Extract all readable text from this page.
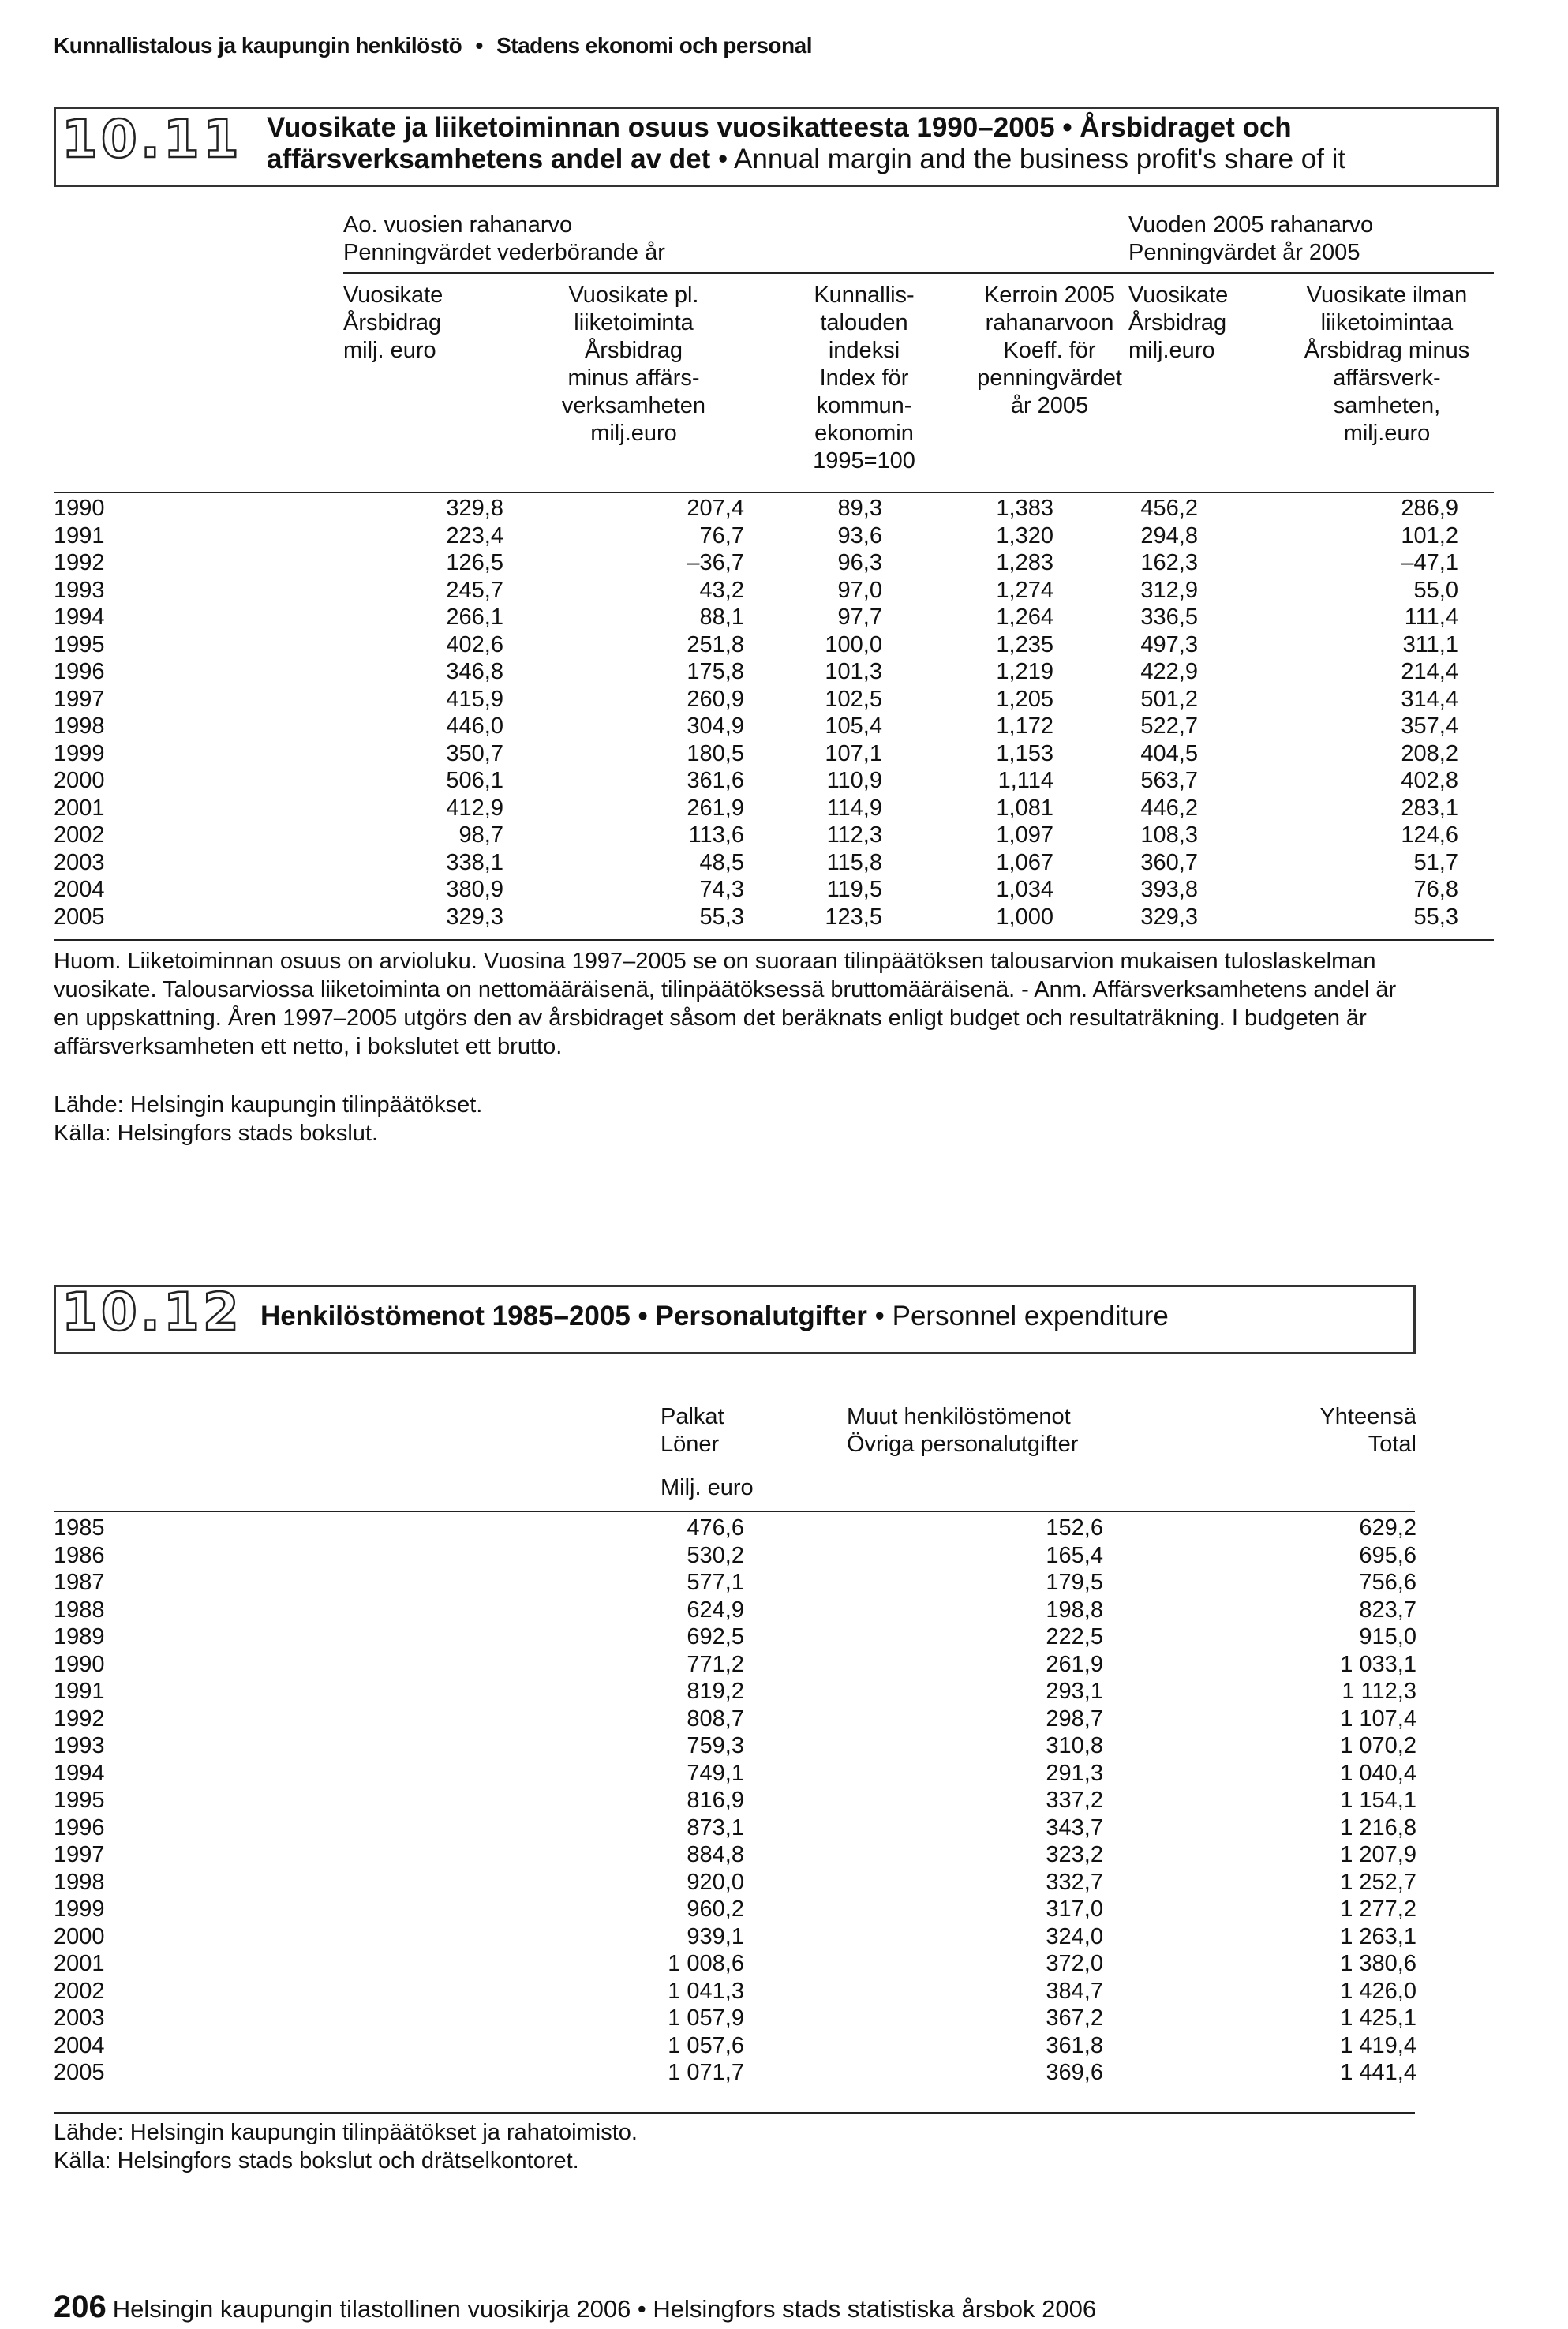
Kunnallistalous ja kaupungin henkilöstö • Stadens ekonomi och personal
10.11 Vuosikate ja liiketoiminnan osuus vuosikatteesta 1990–2005 • Årsbidraget och
affärsverksamhetens andel av det • Annual margin and the business profit's share of it
Ao. vuosien rahanarvo
Penningvärdet vederbörande år
Vuoden 2005 rahanarvo
Penningvärdet år 2005
Vuosikate
Årsbidrag
milj. euro
Vuosikate pl.
liiketoiminta
Årsbidrag
minus affärs-
verksamheten
milj.euro
Kunnallis-
talouden
indeksi
Index för
kommun-
ekonomin
1995=100
Kerroin 2005
rahanarvoon
Koeff. för
penningvärdet
år 2005
Vuosikate
Årsbidrag
milj.euro
Vuosikate ilman
liiketoimintaa
Årsbidrag minus
affärsverk-
samheten,
milj.euro
1990	329,8	207,4	89,3	1,383	456,2	286,9
1991	223,4	76,7	93,6	1,320	294,8	101,2
1992	126,5	–36,7	96,3	1,283	162,3	–47,1
1993	245,7	43,2	97,0	1,274	312,9	55,0
1994	266,1	88,1	97,7	1,264	336,5	111,4
1995	402,6	251,8	100,0	1,235	497,3	311,1
1996	346,8	175,8	101,3	1,219	422,9	214,4
1997	415,9	260,9	102,5	1,205	501,2	314,4
1998	446,0	304,9	105,4	1,172	522,7	357,4
1999	350,7	180,5	107,1	1,153	404,5	208,2
2000	506,1	361,6	110,9	1,114	563,7	402,8
2001	412,9	261,9	114,9	1,081	446,2	283,1
2002	98,7	113,6	112,3	1,097	108,3	124,6
2003	338,1	48,5	115,8	1,067	360,7	51,7
2004	380,9	74,3	119,5	1,034	393,8	76,8
2005	329,3	55,3	123,5	1,000	329,3	55,3
Huom. Liiketoiminnan osuus on arvioluku. Vuosina 1997–2005 se on suoraan tilinpäätöksen talousarvion mukaisen tuloslaskelman
vuosikate. Talousarviossa liiketoiminta on nettomääräisenä, tilinpäätöksessä bruttomääräisenä. - Anm. Affärsverksamhetens andel är
en uppskattning. Åren 1997–2005 utgörs den av årsbidraget såsom det beräknats enligt budget och resultaträkning. I budgeten är
affärsverksamheten ett netto, i bokslutet ett brutto.
Lähde: Helsingin kaupungin tilinpäätökset.
Källa: Helsingfors stads bokslut.
10.12 Henkilöstömenot 1985–2005 • Personalutgifter • Personnel expenditure
Palkat
Löner
Muut henkilöstömenot
Övriga personalutgifter
Yhteensä
Total
Milj. euro
1985	476,6	152,6	629,2
1986	530,2	165,4	695,6
1987	577,1	179,5	756,6
1988	624,9	198,8	823,7
1989	692,5	222,5	915,0
1990	771,2	261,9	1 033,1
1991	819,2	293,1	1 112,3
1992	808,7	298,7	1 107,4
1993	759,3	310,8	1 070,2
1994	749,1	291,3	1 040,4
1995	816,9	337,2	1 154,1
1996	873,1	343,7	1 216,8
1997	884,8	323,2	1 207,9
1998	920,0	332,7	1 252,7
1999	960,2	317,0	1 277,2
2000	939,1	324,0	1 263,1
2001	1 008,6	372,0	1 380,6
2002	1 041,3	384,7	1 426,0
2003	1 057,9	367,2	1 425,1
2004	1 057,6	361,8	1 419,4
2005	1 071,7	369,6	1 441,4
Lähde: Helsingin kaupungin tilinpäätökset ja rahatoimisto.
Källa: Helsingfors stads bokslut och drätselkontoret.
206 Helsingin kaupungin tilastollinen vuosikirja 2006 • Helsingfors stads statistiska årsbok 2006
